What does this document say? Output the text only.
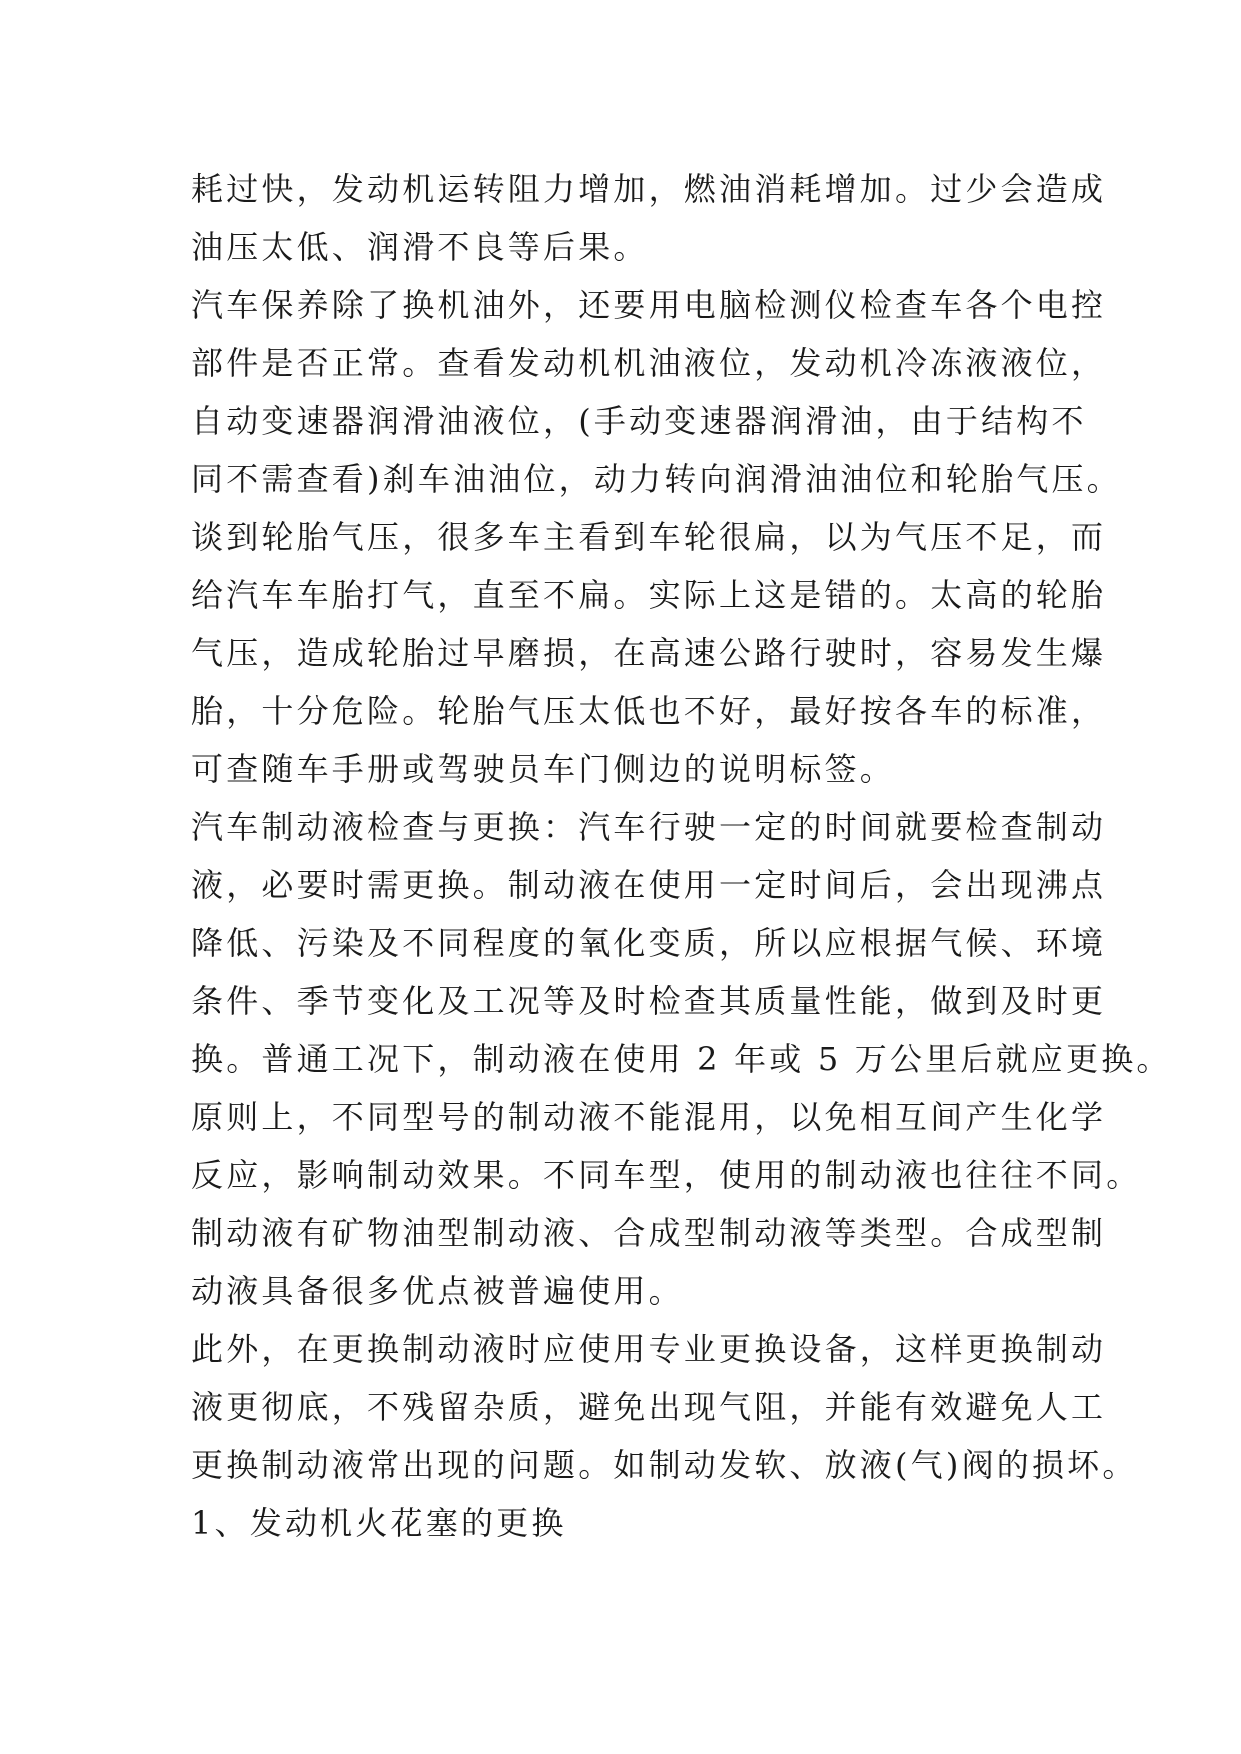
耗过快，发动机运转阻力增加，燃油消耗增加。过少会造成
油压太低、润滑不良等后果。
汽车保养除了换机油外，还要用电脑检测仪检查车各个电控
部件是否正常。查看发动机机油液位，发动机冷冻液液位，
自动变速器润滑油液位，(手动变速器润滑油，由于结构不
同不需查看)刹车油油位，动力转向润滑油油位和轮胎气压。
谈到轮胎气压，很多车主看到车轮很扁，以为气压不足，而
给汽车车胎打气，直至不扁。实际上这是错的。太高的轮胎
气压，造成轮胎过早磨损，在高速公路行驶时，容易发生爆
胎，十分危险。轮胎气压太低也不好，最好按各车的标准，
可查随车手册或驾驶员车门侧边的说明标签。
汽车制动液检查与更换：汽车行驶一定的时间就要检查制动
液，必要时需更换。制动液在使用一定时间后，会出现沸点
降低、污染及不同程度的氧化变质，所以应根据气候、环境
条件、季节变化及工况等及时检查其质量性能，做到及时更
换。普通工况下，制动液在使用 2 年或 5 万公里后就应更换。
原则上，不同型号的制动液不能混用，以免相互间产生化学
反应，影响制动效果。不同车型，使用的制动液也往往不同。
制动液有矿物油型制动液、合成型制动液等类型。合成型制
动液具备很多优点被普遍使用。
此外，在更换制动液时应使用专业更换设备，这样更换制动
液更彻底，不残留杂质，避免出现气阻，并能有效避免人工
更换制动液常出现的问题。如制动发软、放液(气)阀的损坏。
1、发动机火花塞的更换
